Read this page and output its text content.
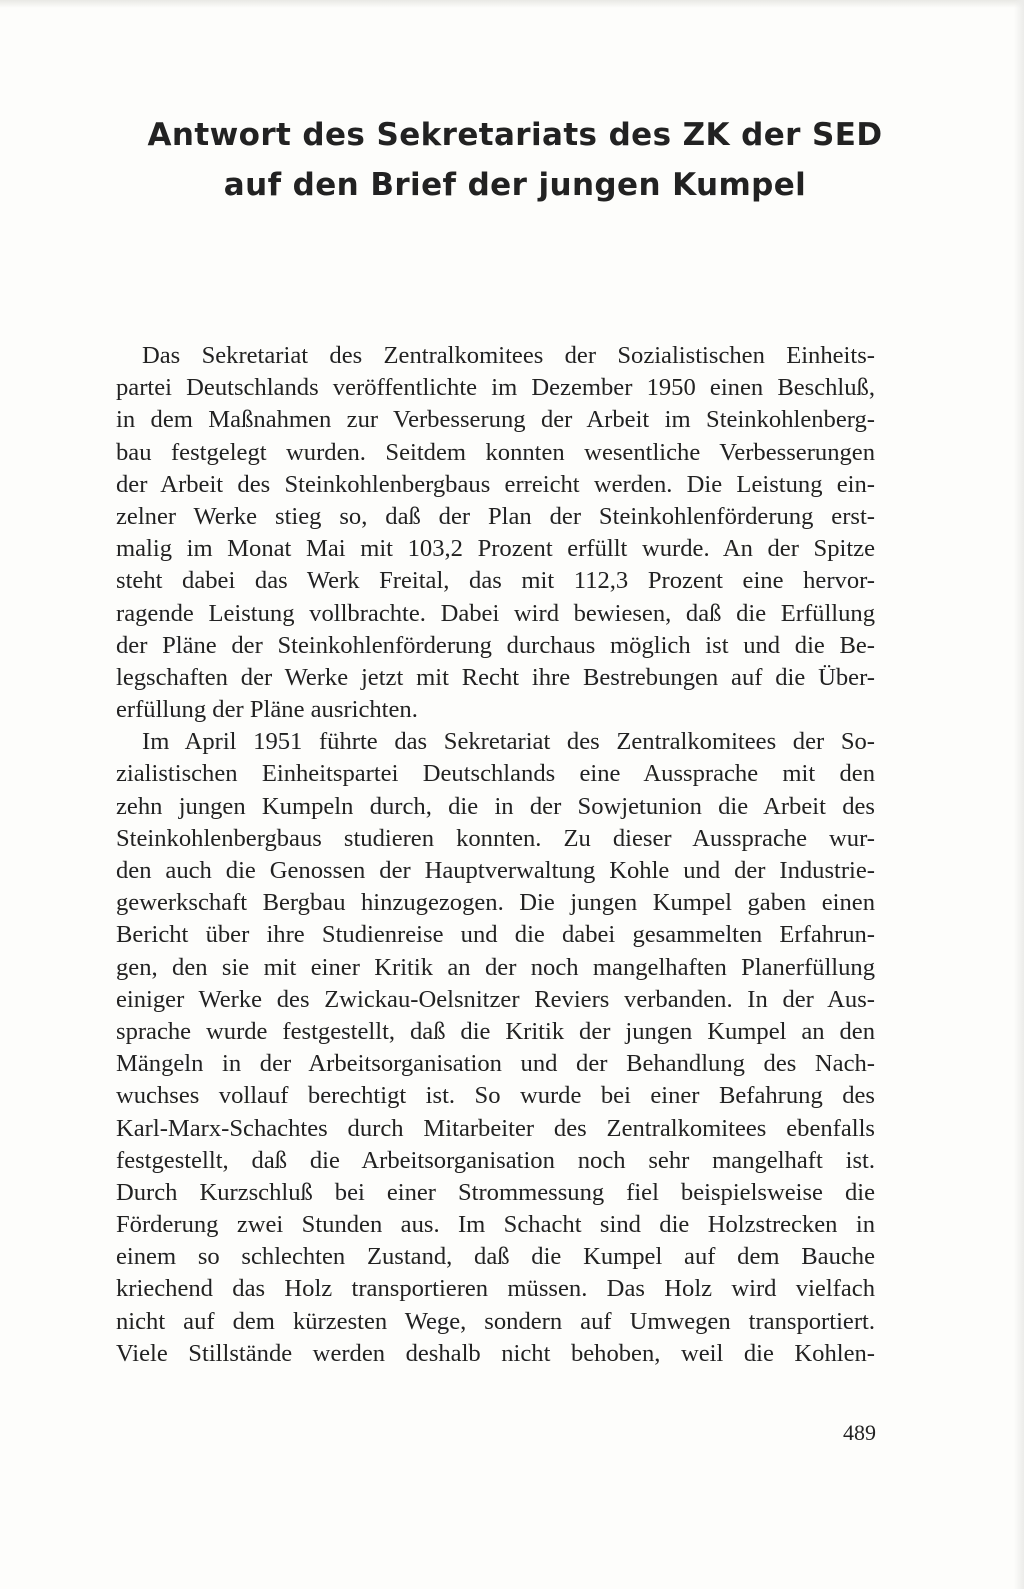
Antwort des Sekretariats des ZK der SED
auf den Brief der jungen Kumpel
Das Sekretariat des Zentralkomitees der Sozialistischen Einheits-
partei Deutschlands veröffentlichte im Dezember 1950 einen Beschluß,
in dem Maßnahmen zur Verbesserung der Arbeit im Steinkohlenberg-
bau festgelegt wurden. Seitdem konnten wesentliche Verbesserungen
der Arbeit des Steinkohlenbergbaus erreicht werden. Die Leistung ein-
zelner Werke stieg so, daß der Plan der Steinkohlenförderung erst-
malig im Monat Mai mit 103,2 Prozent erfüllt wurde. An der Spitze
steht dabei das Werk Freital, das mit 112,3 Prozent eine hervor-
ragende Leistung vollbrachte. Dabei wird bewiesen, daß die Erfüllung
der Pläne der Steinkohlenförderung durchaus möglich ist und die Be-
legschaften der Werke jetzt mit Recht ihre Bestrebungen auf die Über-
erfüllung der Pläne ausrichten.
Im April 1951 führte das Sekretariat des Zentralkomitees der So-
zialistischen Einheitspartei Deutschlands eine Aussprache mit den
zehn jungen Kumpeln durch, die in der Sowjetunion die Arbeit des
Steinkohlenbergbaus studieren konnten. Zu dieser Aussprache wur-
den auch die Genossen der Hauptverwaltung Kohle und der Industrie-
gewerkschaft Bergbau hinzugezogen. Die jungen Kumpel gaben einen
Bericht über ihre Studienreise und die dabei gesammelten Erfahrun-
gen, den sie mit einer Kritik an der noch mangelhaften Planerfüllung
einiger Werke des Zwickau-Oelsnitzer Reviers verbanden. In der Aus-
sprache wurde festgestellt, daß die Kritik der jungen Kumpel an den
Mängeln in der Arbeitsorganisation und der Behandlung des Nach-
wuchses vollauf berechtigt ist. So wurde bei einer Befahrung des
Karl-Marx-Schachtes durch Mitarbeiter des Zentralkomitees ebenfalls
festgestellt, daß die Arbeitsorganisation noch sehr mangelhaft ist.
Durch Kurzschluß bei einer Strommessung fiel beispielsweise die
Förderung zwei Stunden aus. Im Schacht sind die Holzstrecken in
einem so schlechten Zustand, daß die Kumpel auf dem Bauche
kriechend das Holz transportieren müssen. Das Holz wird vielfach
nicht auf dem kürzesten Wege, sondern auf Umwegen transportiert.
Viele Stillstände werden deshalb nicht behoben, weil die Kohlen-
489
